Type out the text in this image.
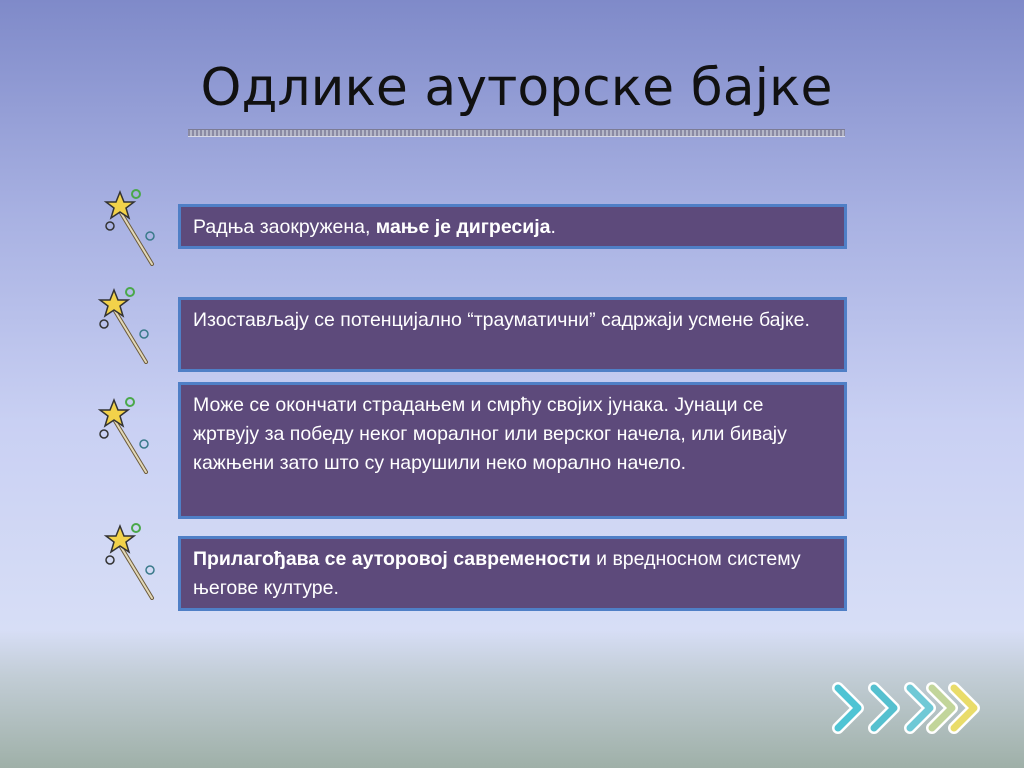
Одлике ауторске бајке
Радња заокружена, мање је дигресија.
Изостављају се потенцијално “трауматични” садржаји усмене бајке.
Може се окончати страдањем и смрћу својих јунака. Јунаци се жртвују за победу неког моралног или верског начела, или бивају кажњени зато што су нарушили неко морално начело.
Прилагођава се ауторовој савремености и вредносном систему његове културе.
